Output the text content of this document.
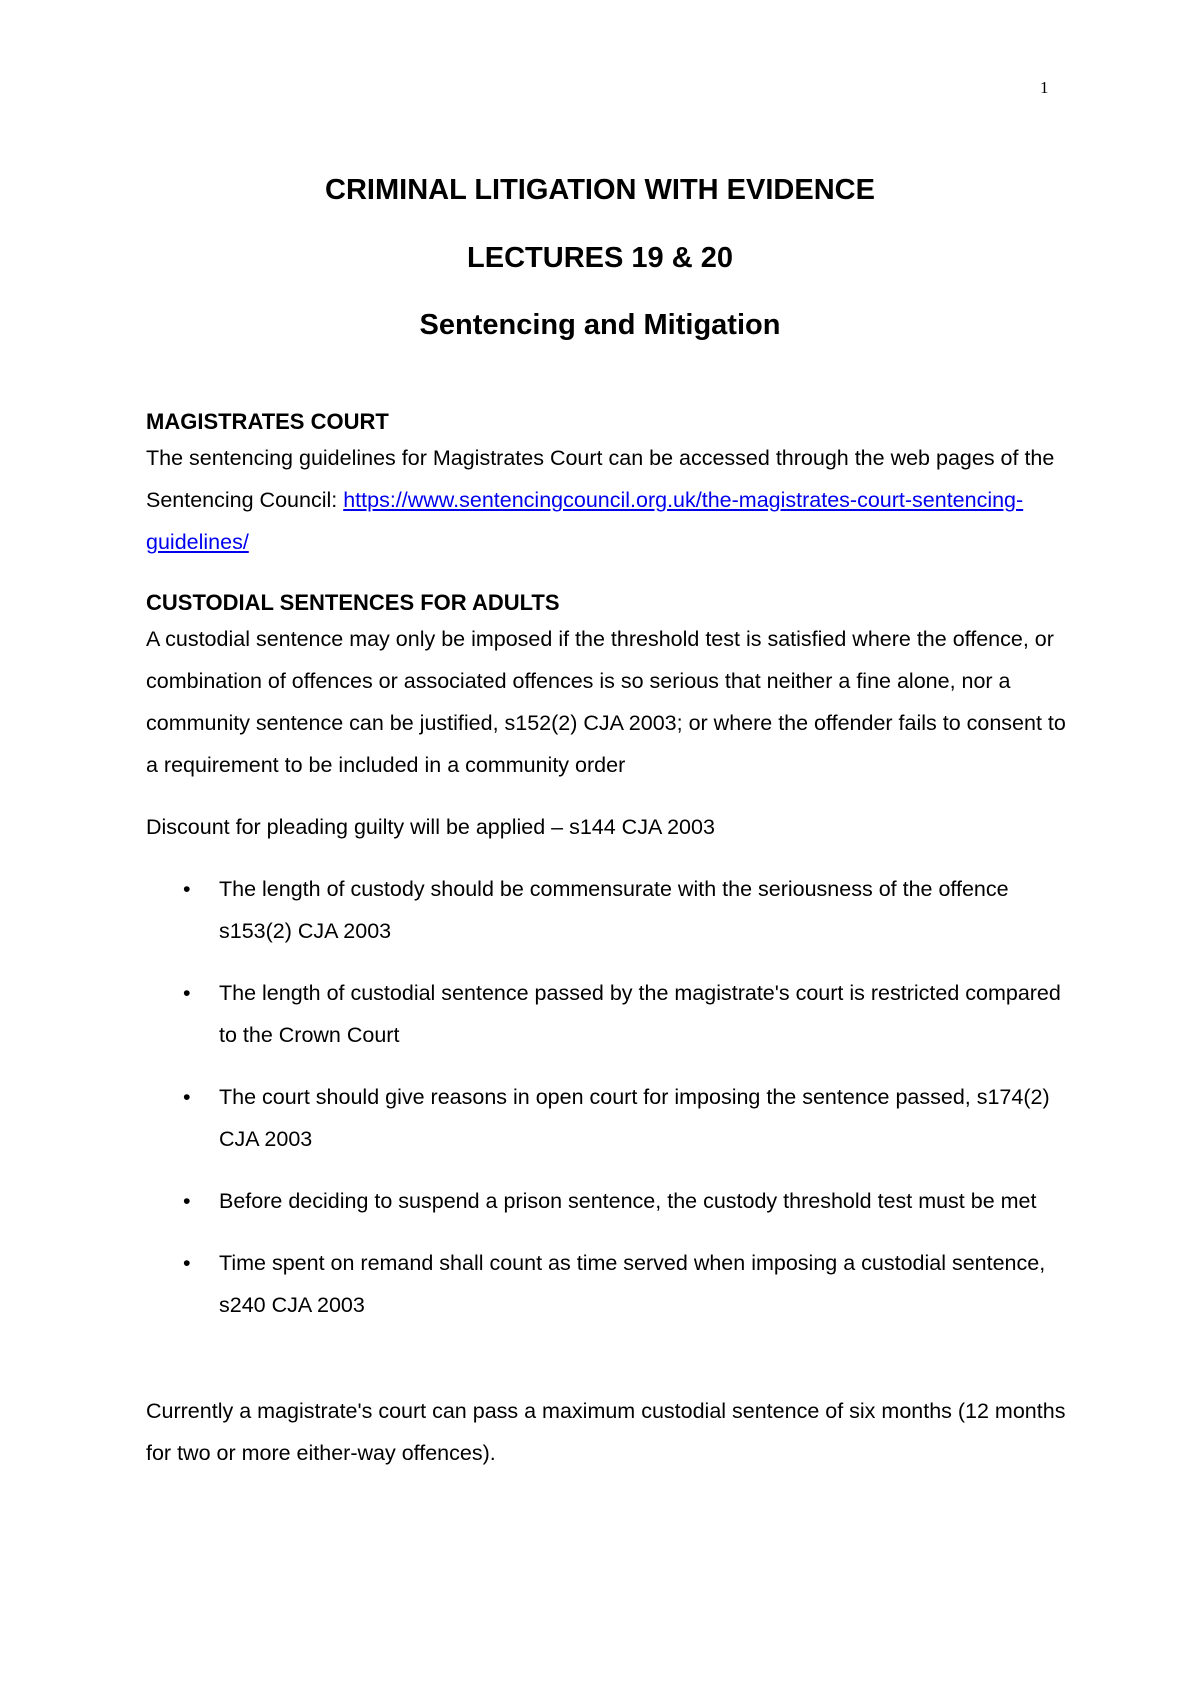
1
CRIMINAL LITIGATION WITH EVIDENCE
LECTURES 19 & 20
Sentencing and Mitigation
MAGISTRATES COURT

The sentencing guidelines for Magistrates Court can be accessed through the web pages of the Sentencing Council: https://www.sentencingcouncil.org.uk/the-magistrates-court-sentencing-guidelines/

CUSTODIAL SENTENCES FOR ADULTS

A custodial sentence may only be imposed if the threshold test is satisfied where the offence, or combination of offences or associated offences is so serious that neither a fine alone, nor a community sentence can be justified, s152(2) CJA 2003; or where the offender fails to consent to a requirement to be included in a community order

Discount for pleading guilty will be applied – s144 CJA 2003
• The length of custody should be commensurate with the seriousness of the offence s153(2) CJA 2003
• The length of custodial sentence passed by the magistrate's court is restricted compared to the Crown Court
• The court should give reasons in open court for imposing the sentence passed, s174(2) CJA 2003
• Before deciding to suspend a prison sentence, the custody threshold test must be met
• Time spent on remand shall count as time served when imposing a custodial sentence, s240 CJA 2003
Currently a magistrate's court can pass a maximum custodial sentence of six months (12 months for two or more either-way offences).
